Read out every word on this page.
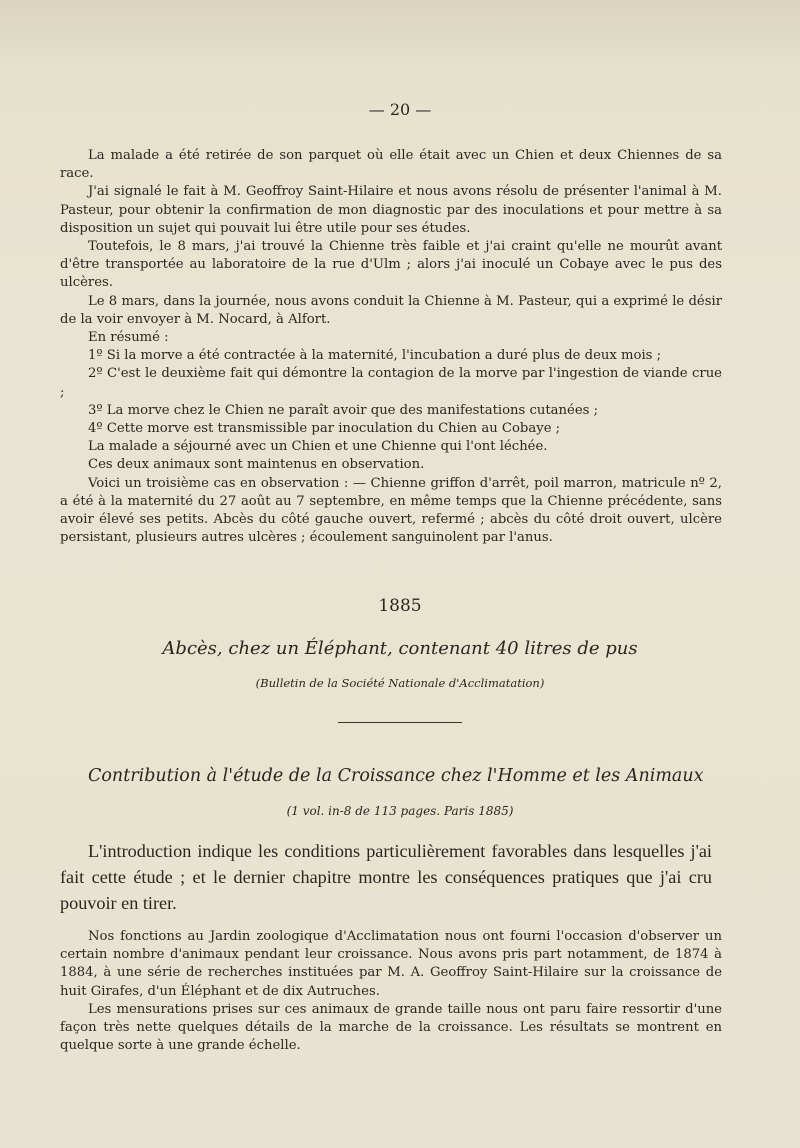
— 20 —

La malade a été retirée de son parquet où elle était avec un Chien et deux Chiennes de sa race.

J'ai signalé le fait à M. Geoffroy Saint-Hilaire et nous avons résolu de présenter l'animal à M. Pasteur, pour obtenir la confirmation de mon diagnostic par des inoculations et pour mettre à sa disposition un sujet qui pouvait lui être utile pour ses études.

Toutefois, le 8 mars, j'ai trouvé la Chienne très faible et j'ai craint qu'elle ne mourût avant d'être transportée au laboratoire de la rue d'Ulm ; alors j'ai inoculé un Cobaye avec le pus des ulcères.

Le 8 mars, dans la journée, nous avons conduit la Chienne à M. Pasteur, qui a exprimé le désir de la voir envoyer à M. Nocard, à Alfort.

En résumé :

1º Si la morve a été contractée à la maternité, l'incubation a duré plus de deux mois ;

2º C'est le deuxième fait qui démontre la contagion de la morve par l'ingestion de viande crue ;

3º La morve chez le Chien ne paraît avoir que des manifestations cutanées ;

4º Cette morve est transmissible par inoculation du Chien au Cobaye ;

La malade a séjourné avec un Chien et une Chienne qui l'ont léchée.

Ces deux animaux sont maintenus en observation.

Voici un troisième cas en observation : — Chienne griffon d'arrêt, poil marron, matricule nº 2, a été à la maternité du 27 août au 7 septembre, en même temps que la Chienne précédente, sans avoir élevé ses petits. Abcès du côté gauche ouvert, refermé ; abcès du côté droit ouvert, ulcère persistant, plusieurs autres ulcères ; écoulement sanguinolent par l'anus.

1885
Abcès, chez un Éléphant, contenant 40 litres de pus
(Bulletin de la Société Nationale d'Acclimatation)
Contribution à l'étude de la Croissance chez l'Homme et les Animaux
(1 vol. in-8 de 113 pages. Paris 1885)
L'introduction indique les conditions particulièrement favorables dans lesquelles j'ai fait cette étude ; et le dernier chapitre montre les conséquences pratiques que j'ai cru pouvoir en tirer.

Nos fonctions au Jardin zoologique d'Acclimatation nous ont fourni l'occasion d'observer un certain nombre d'animaux pendant leur croissance. Nous avons pris part notamment, de 1874 à 1884, à une série de recherches instituées par M. A. Geoffroy Saint-Hilaire sur la croissance de huit Girafes, d'un Éléphant et de dix Autruches.

Les mensurations prises sur ces animaux de grande taille nous ont paru faire ressortir d'une façon très nette quelques détails de la marche de la croissance. Les résultats se montrent en quelque sorte à une grande échelle.
